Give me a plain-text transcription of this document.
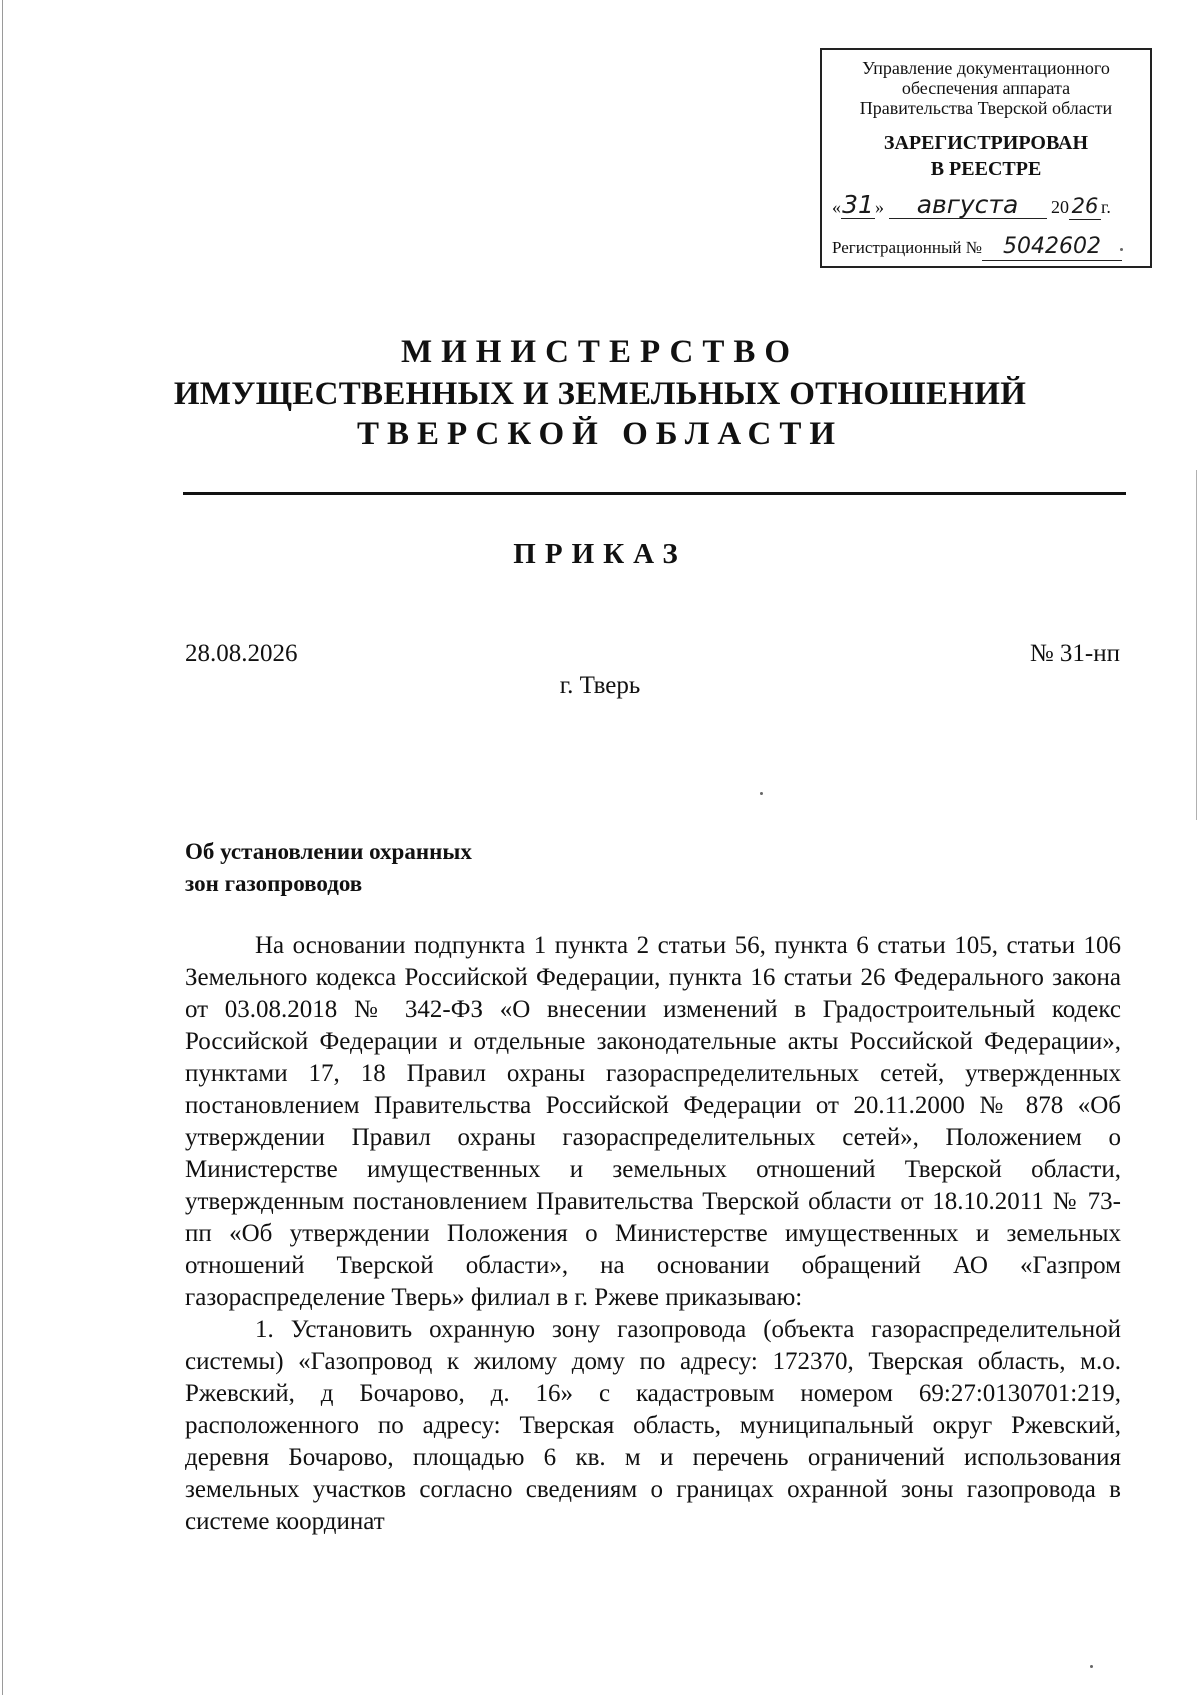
Управление документационного
обеспечения аппарата
Правительства Тверской области
ЗАРЕГИСТРИРОВАН
В РЕЕСТРЕ
«31» августа 20 26 г.
Регистрационный № 5042602
МИНИСТЕРСТВО
ИМУЩЕСТВЕННЫХ И ЗЕМЕЛЬНЫХ ОТНОШЕНИЙ
ТВЕРСКОЙ ОБЛАСТИ
ПРИКАЗ
28.08.2026	№ 31-нп
г. Тверь
Об установлении охранных
зон газопроводов

На основании подпункта 1 пункта 2 статьи 56, пункта 6 статьи 105, статьи 106 Земельного кодекса Российской Федерации, пункта 16 статьи 26 Федерального закона от 03.08.2018 № 342-ФЗ «О внесении изменений в Градостроительный кодекс Российской Федерации и отдельные законодательные акты Российской Федерации», пунктами 17, 18 Правил охраны газораспределительных сетей, утвержденных постановлением Правительства Российской Федерации от 20.11.2000 № 878 «Об утверждении Правил охраны газораспределительных сетей», Положением о Министерстве имущественных и земельных отношений Тверской области, утвержденным постановлением Правительства Тверской области от 18.10.2011 № 73-пп «Об утверждении Положения о Министерстве имущественных и земельных отношений Тверской области», на основании обращений АО «Газпром газораспределение Тверь» филиал в г. Ржеве приказываю:

1. Установить охранную зону газопровода (объекта газораспределительной системы) «Газопровод к жилому дому по адресу: 172370, Тверская область, м.о. Ржевский, д Бочарово, д. 16» с кадастровым номером 69:27:0130701:219, расположенного по адресу: Тверская область, муниципальный округ Ржевский, деревня Бочарово, площадью 6 кв. м и перечень ограничений использования земельных участков согласно сведениям о границах охранной зоны газопровода в системе координат
